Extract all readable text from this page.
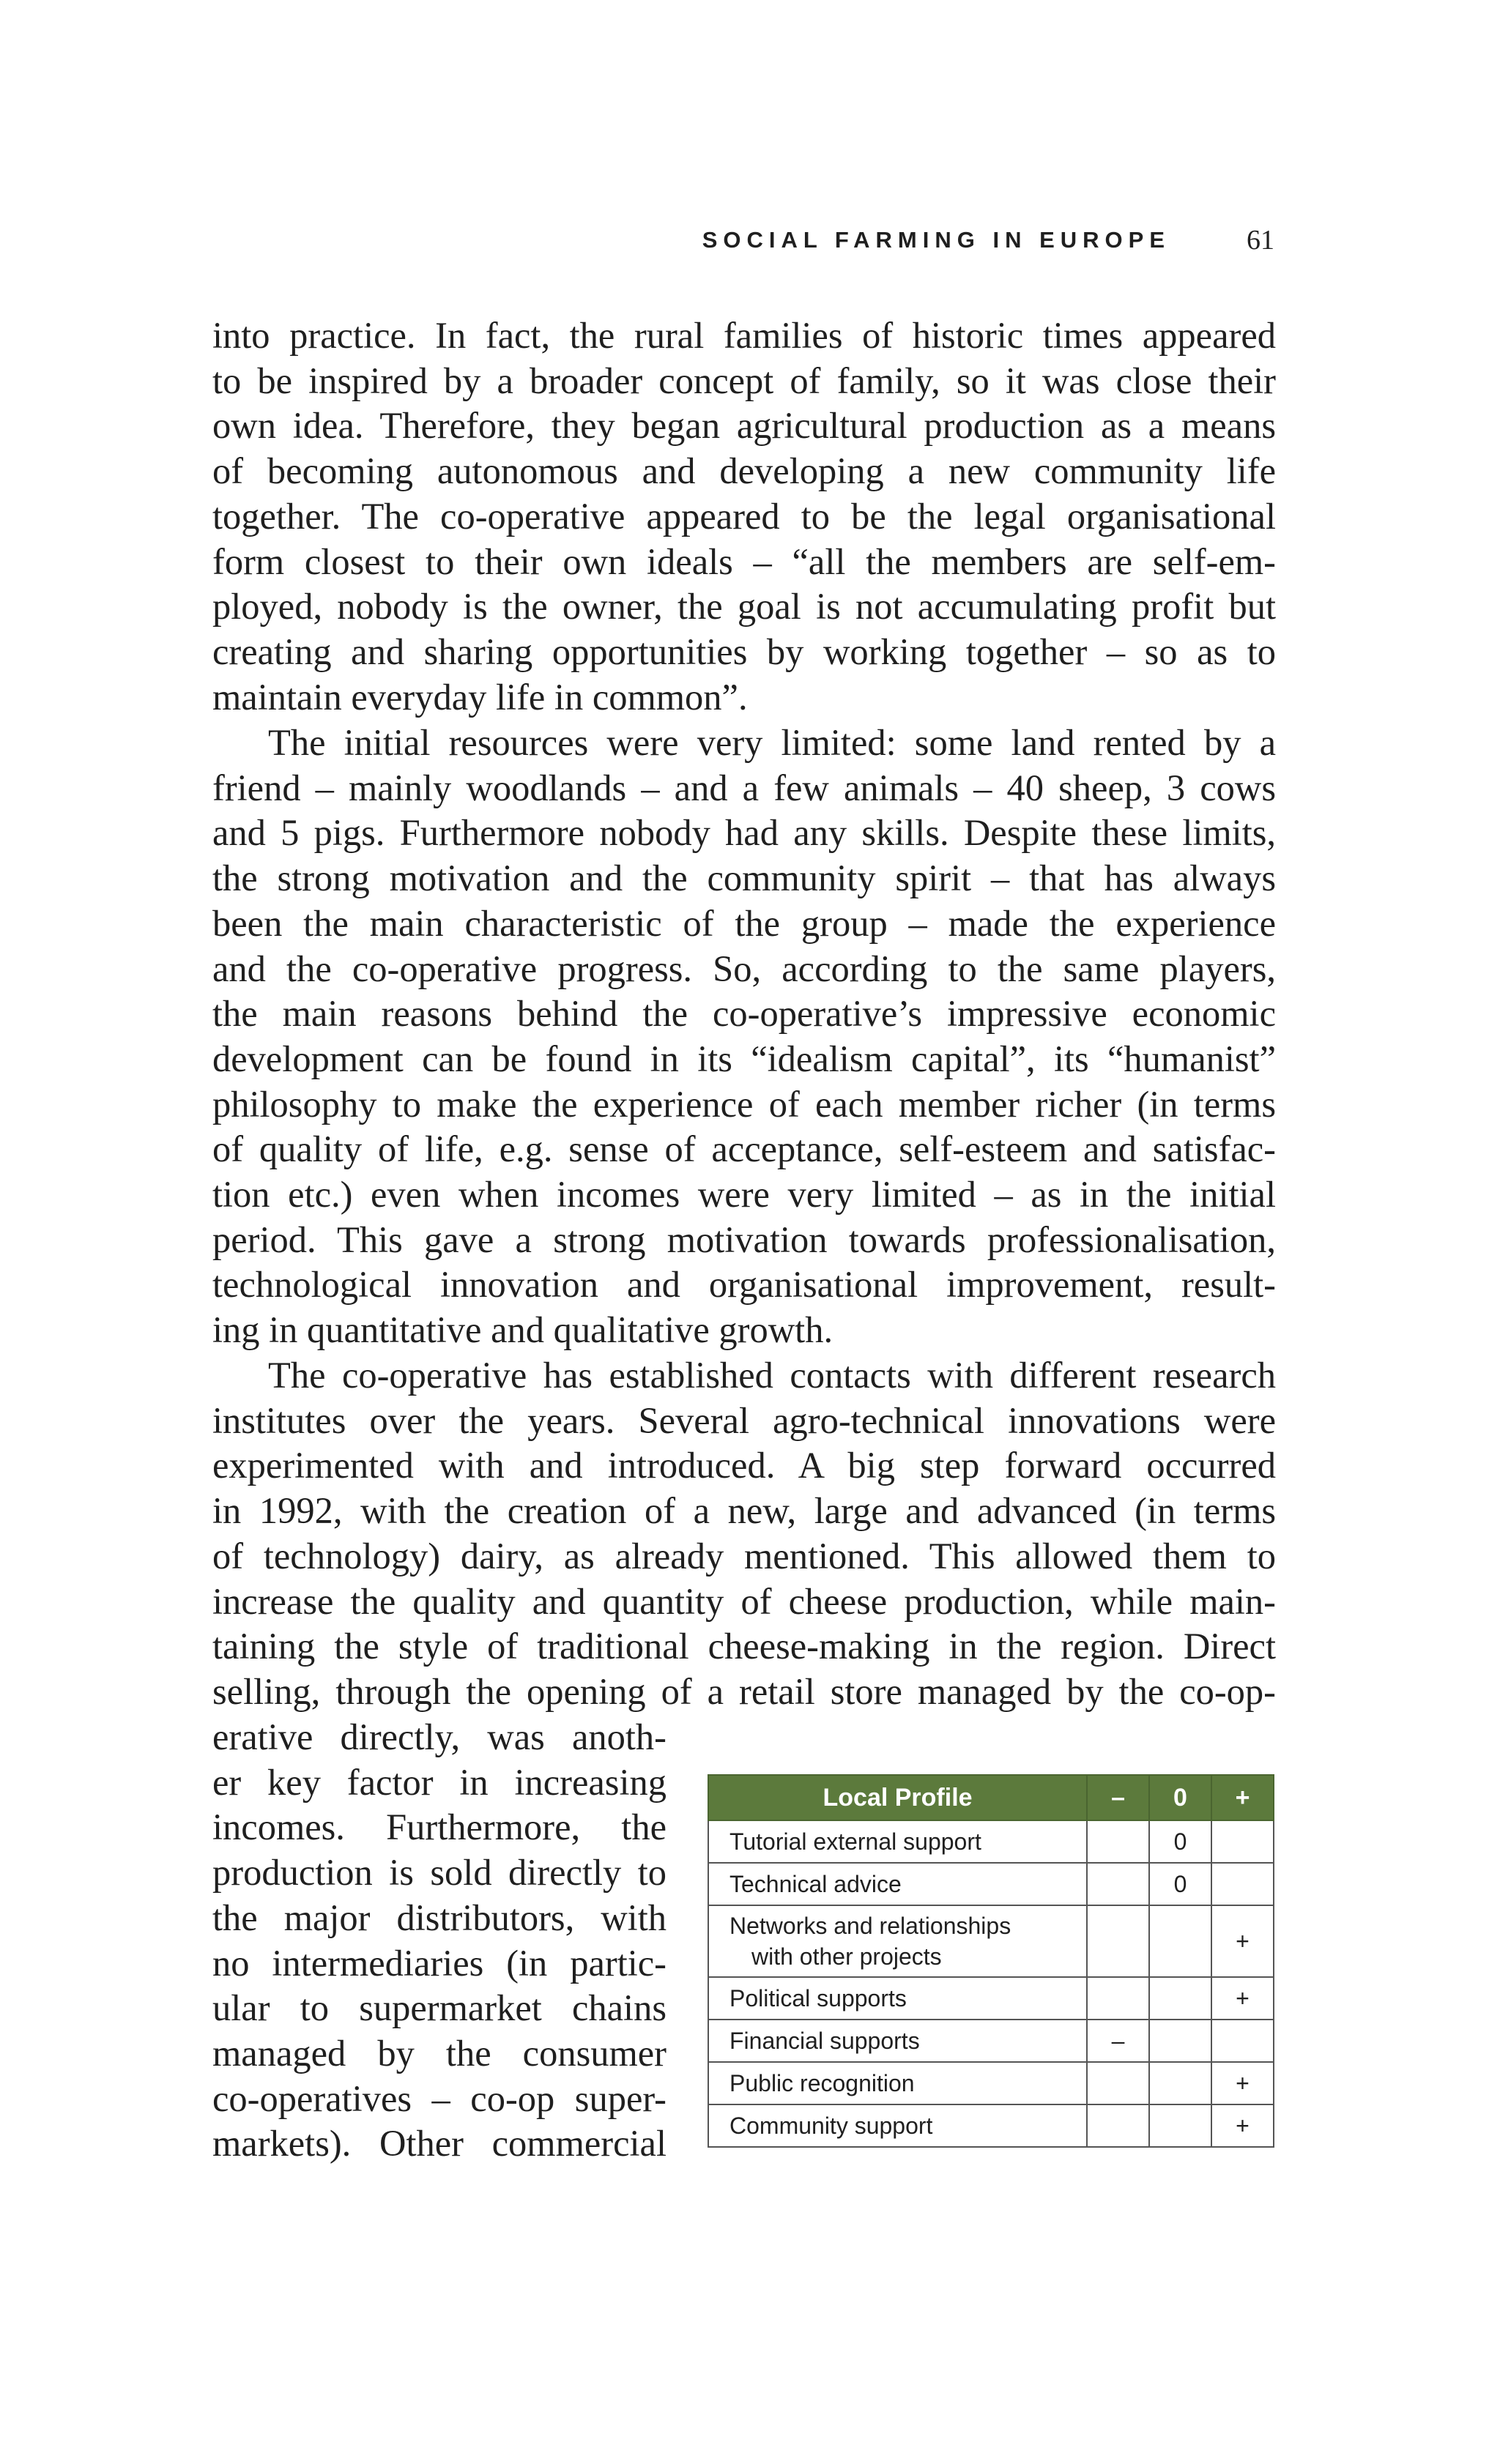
SOCIAL FARMING IN EUROPE	61
into practice. In fact, the rural families of historic times appeared
to be inspired by a broader concept of family, so it was close their
own idea. Therefore, they began agricultural production as a means
of becoming autonomous and developing a new community life
together. The co-operative appeared to be the legal organisational
form closest to their own ideals – “all the members are self-em-
ployed, nobody is the owner, the goal is not accumulating profit but
creating and sharing opportunities by working together – so as to
maintain everyday life in common”.
The initial resources were very limited: some land rented by a
friend – mainly woodlands – and a few animals – 40 sheep, 3 cows
and 5 pigs. Furthermore nobody had any skills. Despite these limits,
the strong motivation and the community spirit – that has always
been the main characteristic of the group – made the experience
and the co-operative progress. So, according to the same players,
the main reasons behind the co-operative’s impressive economic
development can be found in its “idealism capital”, its “humanist”
philosophy to make the experience of each member richer (in terms
of quality of life, e.g. sense of acceptance, self-esteem and satisfac-
tion etc.) even when incomes were very limited – as in the initial
period. This gave a strong motivation towards professionalisation,
technological innovation and organisational improvement, result-
ing in quantitative and qualitative growth.
The co-operative has established contacts with different research
institutes over the years. Several agro-technical innovations were
experimented with and introduced. A big step forward occurred
in 1992, with the creation of a new, large and advanced (in terms
of technology) dairy, as already mentioned. This allowed them to
increase the quality and quantity of cheese production, while main-
taining the style of traditional cheese-making in the region. Direct
selling, through the opening of a retail store managed by the co-op-
erative directly, was anoth-
er key factor in increasing
incomes. Furthermore, the
production is sold directly to
the major distributors, with
no intermediaries (in partic-
ular to supermarket chains
managed by the consumer
co-operatives – co-op super-
markets). Other commercial
Local Profile	–	0	+
Tutorial external support		0	
Technical advice		0	
Networks and relationships
with other projects			+
Political supports			+
Financial supports	–		
Public recognition			+
Community support			+
